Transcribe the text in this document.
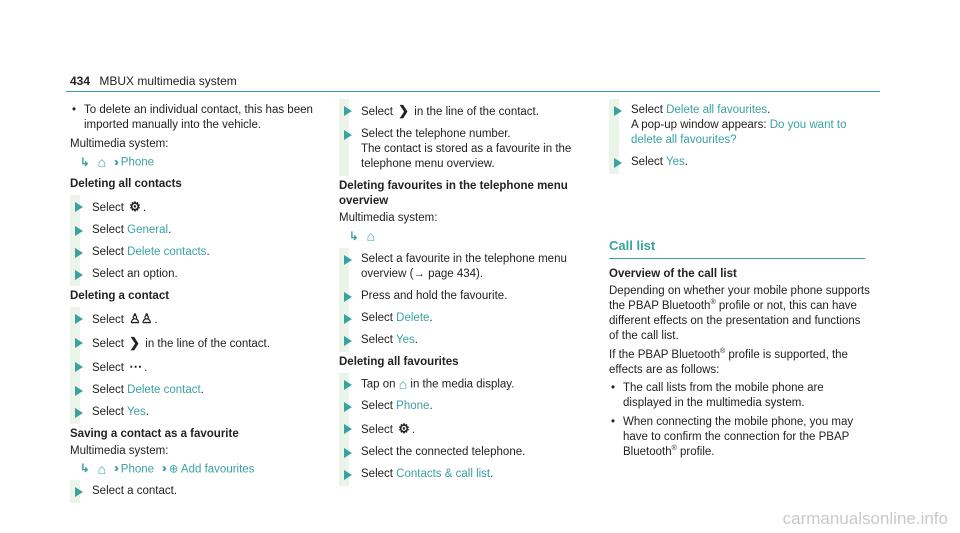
434 MBUX multimedia system
• To delete an individual contact, this has been imported manually into the vehicle.
Multimedia system:
↳ ⌂ ›› Phone
Deleting all contacts
Select ⚙ .
Select General.
Select Delete contacts.
Select an option.
Deleting a contact
Select ♙♙ .
Select ❯ in the line of the contact.
Select ⋯ .
Select Delete contact.
Select Yes.
Saving a contact as a favourite
Multimedia system:
↳ ⌂ ›› Phone ›› ⊕ Add favourites
Select a contact.
Select ❯ in the line of the contact.
Select the telephone number.
The contact is stored as a favourite in the telephone menu overview.
Deleting favourites in the telephone menu overview
Multimedia system:
↳ ⌂
Select a favourite in the telephone menu overview (→ page 434).
Press and hold the favourite.
Select Delete.
Select Yes.
Deleting all favourites
Tap on ⌂ in the media display.
Select Phone.
Select ⚙ .
Select the connected telephone.
Select Contacts & call list.
Select Delete all favourites.
A pop-up window appears: Do you want to delete all favourites?
Select Yes.
Call list
Overview of the call list
Depending on whether your mobile phone supports the PBAP Bluetooth® profile or not, this can have different effects on the presentation and functions of the call list.
If the PBAP Bluetooth® profile is supported, the effects are as follows:
• The call lists from the mobile phone are displayed in the multimedia system.
• When connecting the mobile phone, you may have to confirm the connection for the PBAP Bluetooth® profile.
carmanualsonline.info
